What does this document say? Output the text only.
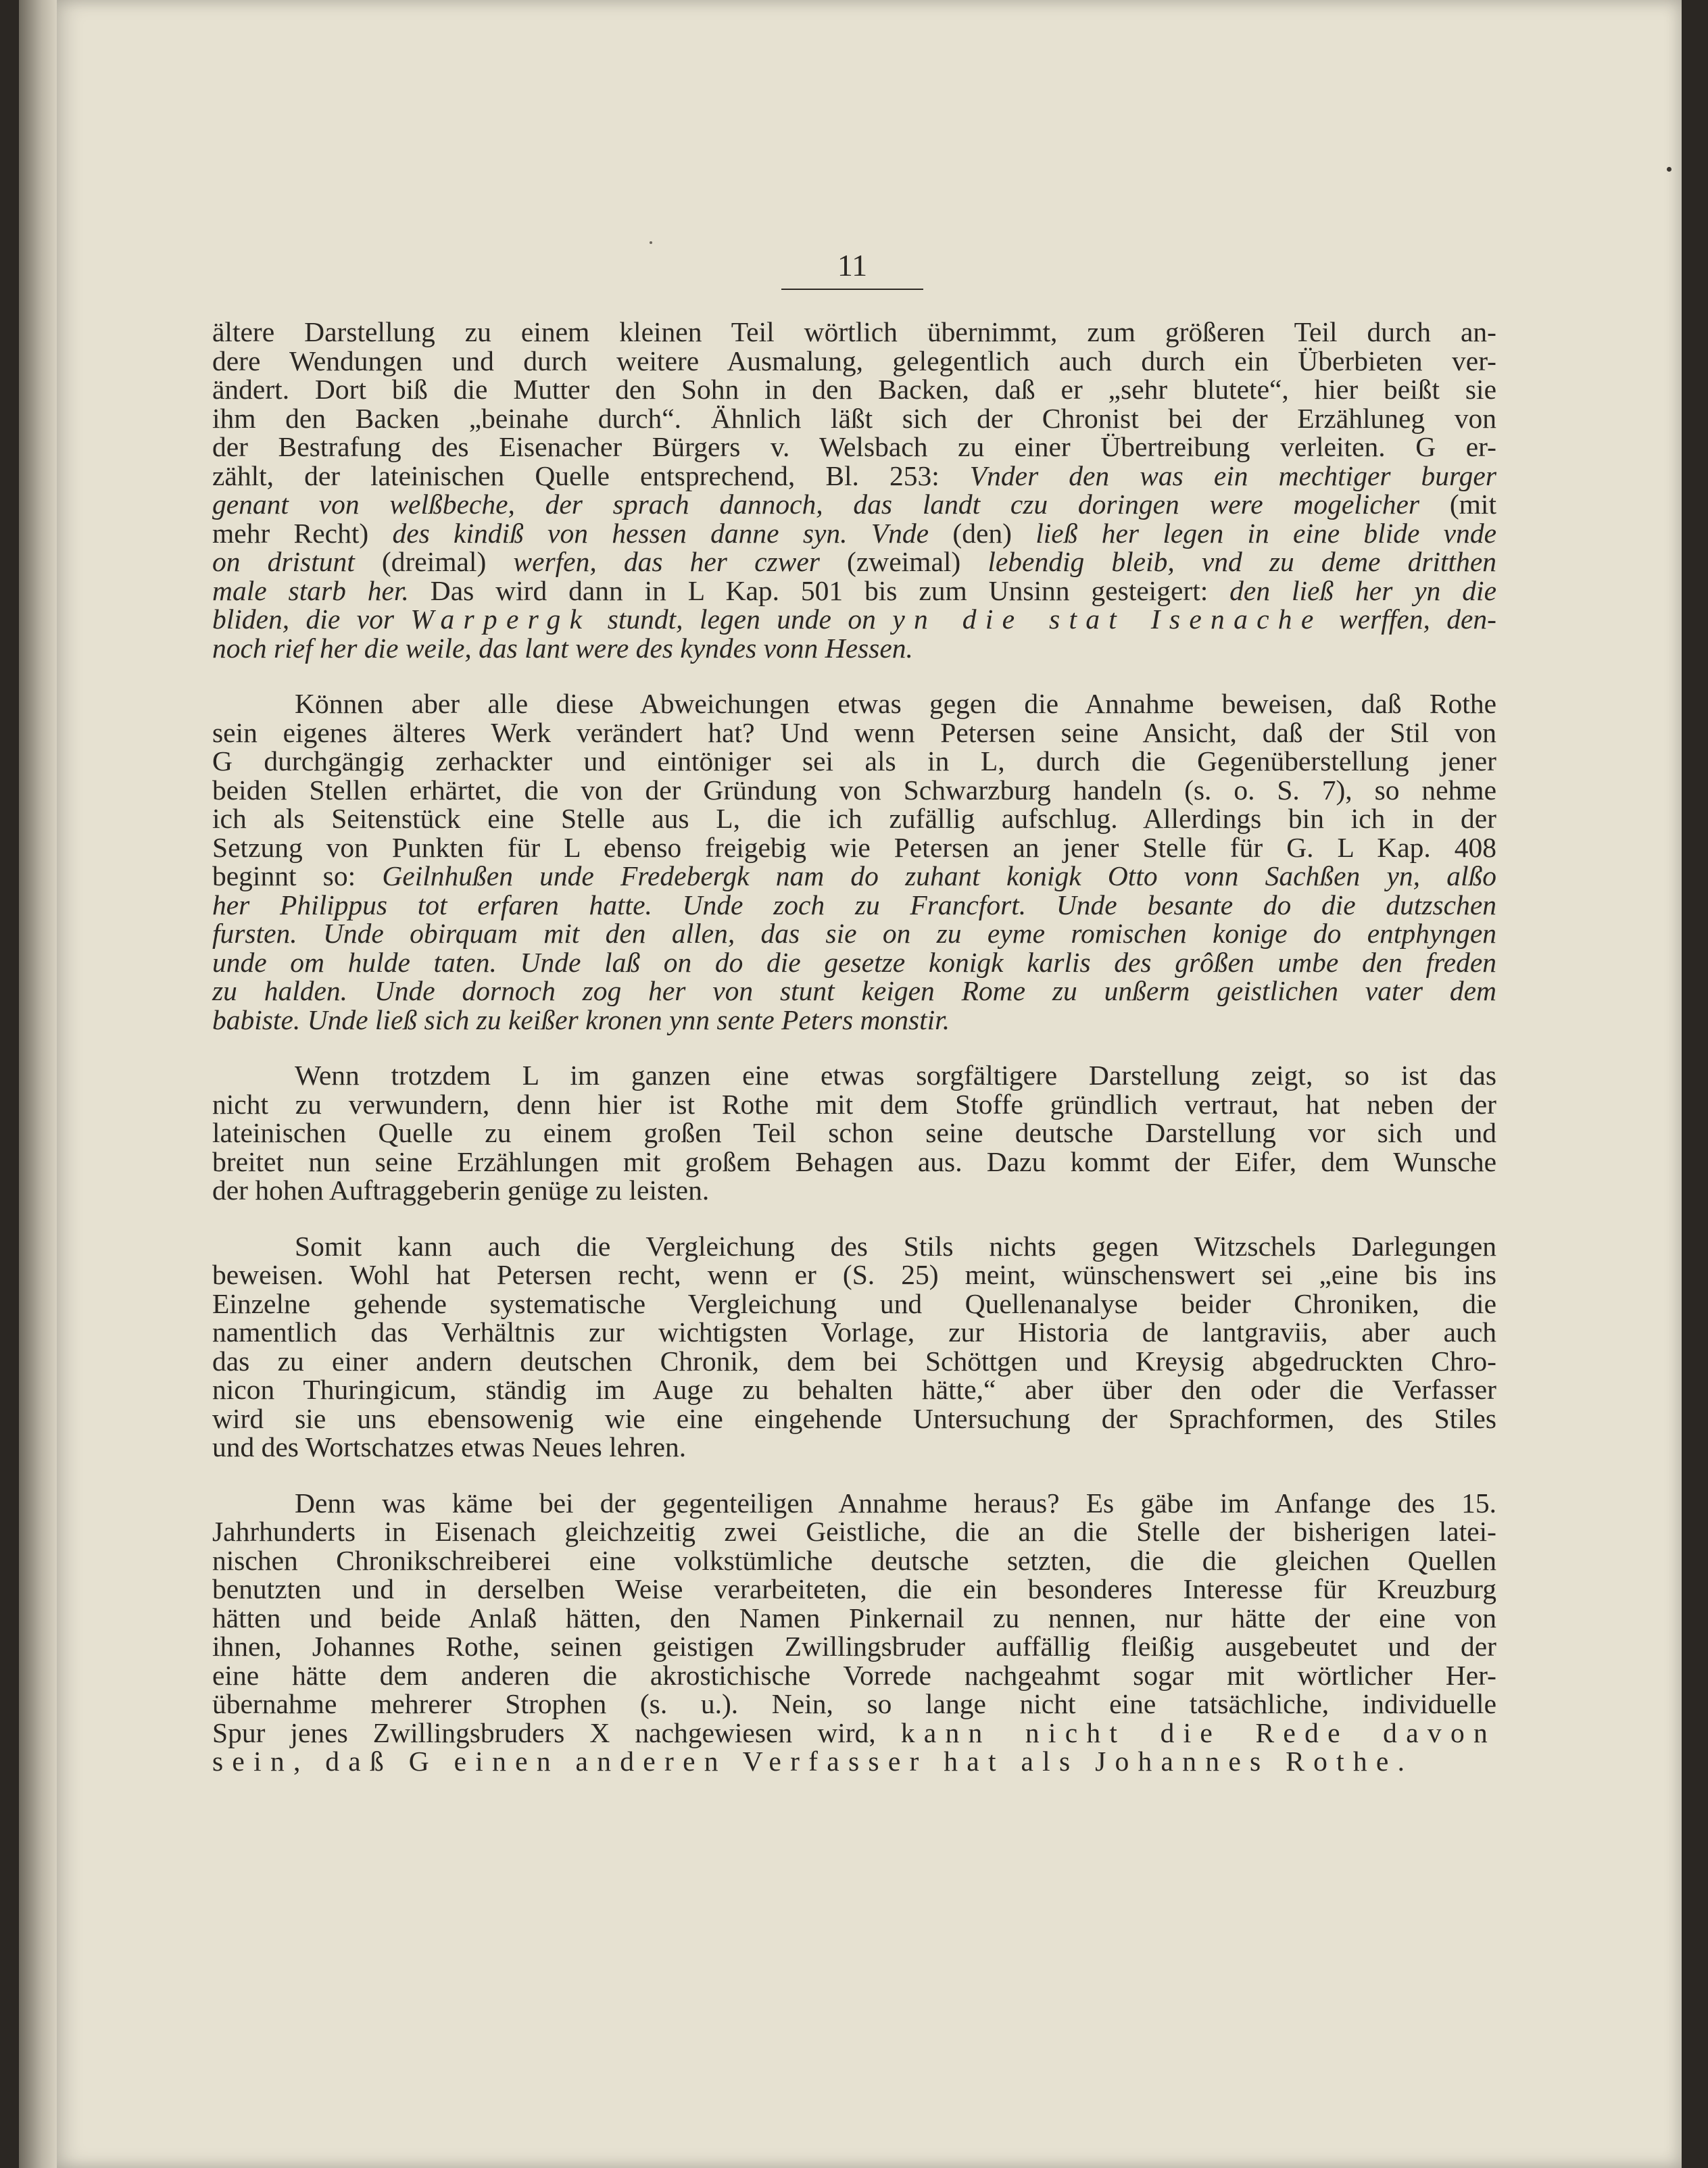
11
ältere Darstellung zu einem kleinen Teil wörtlich übernimmt, zum größeren Teil durch an-
dere Wendungen und durch weitere Ausmalung, gelegentlich auch durch ein Überbieten ver-
ändert. Dort biß die Mutter den Sohn in den Backen, daß er „sehr blutete“, hier beißt sie
ihm den Backen „beinahe durch“. Ähnlich läßt sich der Chronist bei der Erzähluneg von
der Bestrafung des Eisenacher Bürgers v. Welsbach zu einer Übertreibung verleiten. G er-
zählt, der lateinischen Quelle entsprechend, Bl. 253: Vnder den was ein mechtiger burger
genant von welßbeche, der sprach dannoch, das landt czu doringen were mogelicher (mit
mehr Recht) des kindiß von hessen danne syn. Vnde (den) ließ her legen in eine blide vnde
on dristunt (dreimal) werfen, das her czwer (zweimal) lebendig bleib, vnd zu deme dritthen
male starb her. Das wird dann in L Kap. 501 bis zum Unsinn gesteigert: den ließ her yn die
bliden, die vor Warpergk stundt, legen unde on yn die stat Isenache werffen, den-
noch rief her die weile, das lant were des kyndes vonn Hessen.
Können aber alle diese Abweichungen etwas gegen die Annahme beweisen, daß Rothe
sein eigenes älteres Werk verändert hat? Und wenn Petersen seine Ansicht, daß der Stil von
G durchgängig zerhackter und eintöniger sei als in L, durch die Gegenüberstellung jener
beiden Stellen erhärtet, die von der Gründung von Schwarzburg handeln (s. o. S. 7), so nehme
ich als Seitenstück eine Stelle aus L, die ich zufällig aufschlug. Allerdings bin ich in der
Setzung von Punkten für L ebenso freigebig wie Petersen an jener Stelle für G. L Kap. 408
beginnt so: Geilnhußen unde Fredebergk nam do zuhant konigk Otto vonn Sachßen yn, alßo
her Philippus tot erfaren hatte. Unde zoch zu Francfort. Unde besante do die dutzschen
fursten. Unde obirquam mit den allen, das sie on zu eyme romischen konige do entphyngen
unde om hulde taten. Unde laß on do die gesetze konigk karlis des grôßen umbe den freden
zu halden. Unde dornoch zog her von stunt keigen Rome zu unßerm geistlichen vater dem
babiste. Unde ließ sich zu keißer kronen ynn sente Peters monstir.
Wenn trotzdem L im ganzen eine etwas sorgfältigere Darstellung zeigt, so ist das
nicht zu verwundern, denn hier ist Rothe mit dem Stoffe gründlich vertraut, hat neben der
lateinischen Quelle zu einem großen Teil schon seine deutsche Darstellung vor sich und
breitet nun seine Erzählungen mit großem Behagen aus. Dazu kommt der Eifer, dem Wunsche
der hohen Auftraggeberin genüge zu leisten.
Somit kann auch die Vergleichung des Stils nichts gegen Witzschels Darlegungen
beweisen. Wohl hat Petersen recht, wenn er (S. 25) meint, wünschenswert sei „eine bis ins
Einzelne gehende systematische Vergleichung und Quellenanalyse beider Chroniken, die
namentlich das Verhältnis zur wichtigsten Vorlage, zur Historia de lantgraviis, aber auch
das zu einer andern deutschen Chronik, dem bei Schöttgen und Kreysig abgedruckten Chro-
nicon Thuringicum, ständig im Auge zu behalten hätte,“ aber über den oder die Verfasser
wird sie uns ebensowenig wie eine eingehende Untersuchung der Sprachformen, des Stiles
und des Wortschatzes etwas Neues lehren.
Denn was käme bei der gegenteiligen Annahme heraus? Es gäbe im Anfange des 15.
Jahrhunderts in Eisenach gleichzeitig zwei Geistliche, die an die Stelle der bisherigen latei-
nischen Chronikschreiberei eine volkstümliche deutsche setzten, die die gleichen Quellen
benutzten und in derselben Weise verarbeiteten, die ein besonderes Interesse für Kreuzburg
hätten und beide Anlaß hätten, den Namen Pinkernail zu nennen, nur hätte der eine von
ihnen, Johannes Rothe, seinen geistigen Zwillingsbruder auffällig fleißig ausgebeutet und der
eine hätte dem anderen die akrostichische Vorrede nachgeahmt sogar mit wörtlicher Her-
übernahme mehrerer Strophen (s. u.). Nein, so lange nicht eine tatsächliche, individuelle
Spur jenes Zwillingsbruders X nachgewiesen wird, kann nicht die Rede davon
sein, daß G einen anderen Verfasser hat als Johannes Rothe.
